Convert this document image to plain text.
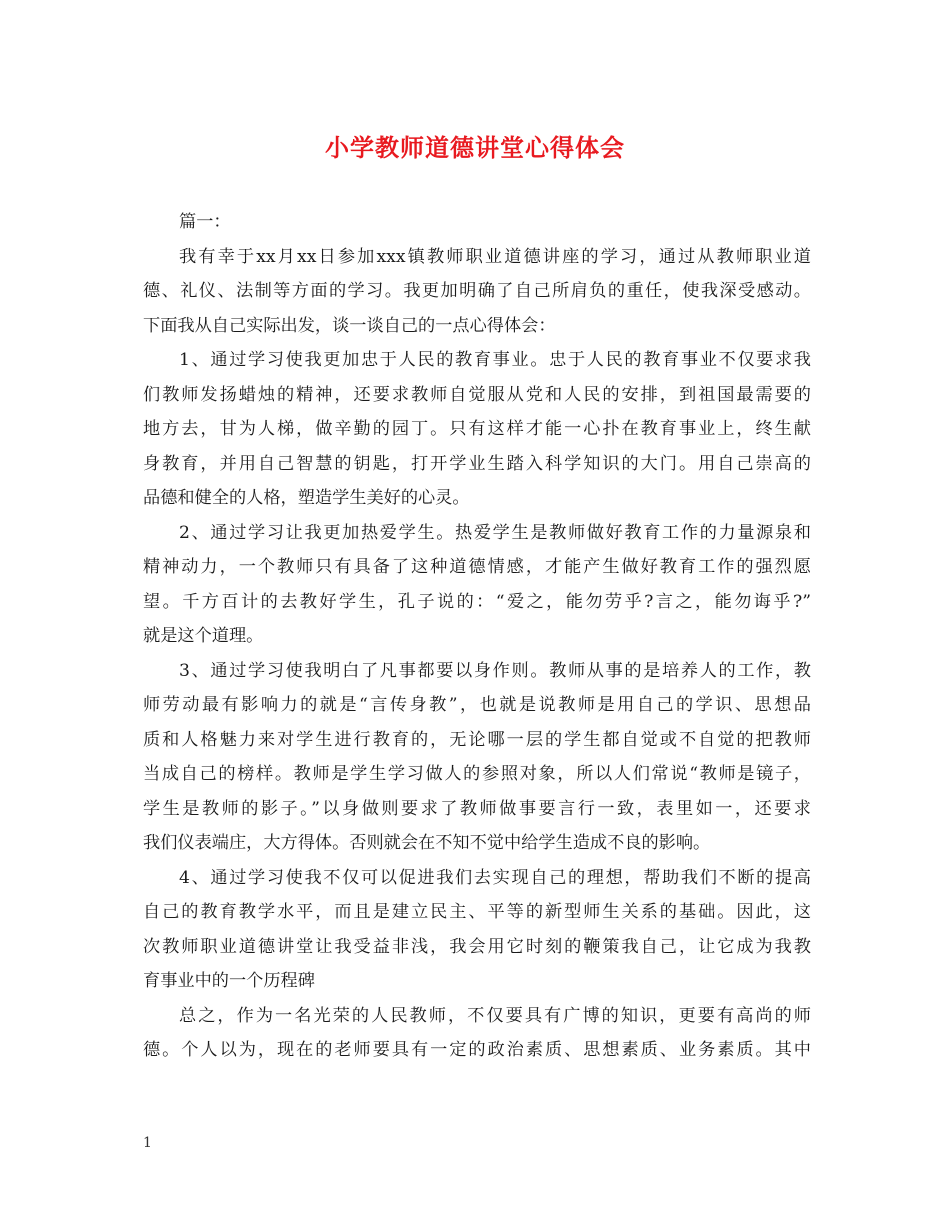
小学教师道德讲堂心得体会
篇一：
我有幸于xx月xx日参加xxx镇教师职业道德讲座的学习，通过从教师职业道
德、礼仪、法制等方面的学习。我更加明确了自己所肩负的重任，使我深受感动。
下面我从自己实际出发，谈一谈自己的一点心得体会：
1、通过学习使我更加忠于人民的教育事业。忠于人民的教育事业不仅要求我
们教师发扬蜡烛的精神，还要求教师自觉服从党和人民的安排，到祖国最需要的
地方去，甘为人梯，做辛勤的园丁。只有这样才能一心扑在教育事业上，终生献
身教育，并用自己智慧的钥匙，打开学业生踏入科学知识的大门。用自己崇高的
品德和健全的人格，塑造学生美好的心灵。
2、通过学习让我更加热爱学生。热爱学生是教师做好教育工作的力量源泉和
精神动力，一个教师只有具备了这种道德情感，才能产生做好教育工作的强烈愿
望。千方百计的去教好学生，孔子说的：“爱之，能勿劳乎?言之，能勿诲乎?”
就是这个道理。
3、通过学习使我明白了凡事都要以身作则。教师从事的是培养人的工作，教
师劳动最有影响力的就是“言传身教”，也就是说教师是用自己的学识、思想品
质和人格魅力来对学生进行教育的，无论哪一层的学生都自觉或不自觉的把教师
当成自己的榜样。教师是学生学习做人的参照对象，所以人们常说“教师是镜子，
学生是教师的影子。”以身做则要求了教师做事要言行一致，表里如一，还要求
我们仪表端庄，大方得体。否则就会在不知不觉中给学生造成不良的影响。
4、通过学习使我不仅可以促进我们去实现自己的理想，帮助我们不断的提高
自己的教育教学水平，而且是建立民主、平等的新型师生关系的基础。因此，这
次教师职业道德讲堂让我受益非浅，我会用它时刻的鞭策我自己，让它成为我教
育事业中的一个历程碑
总之，作为一名光荣的人民教师，不仅要具有广博的知识，更要有高尚的师
德。个人以为，现在的老师要具有一定的政治素质、思想素质、业务素质。其中
1
